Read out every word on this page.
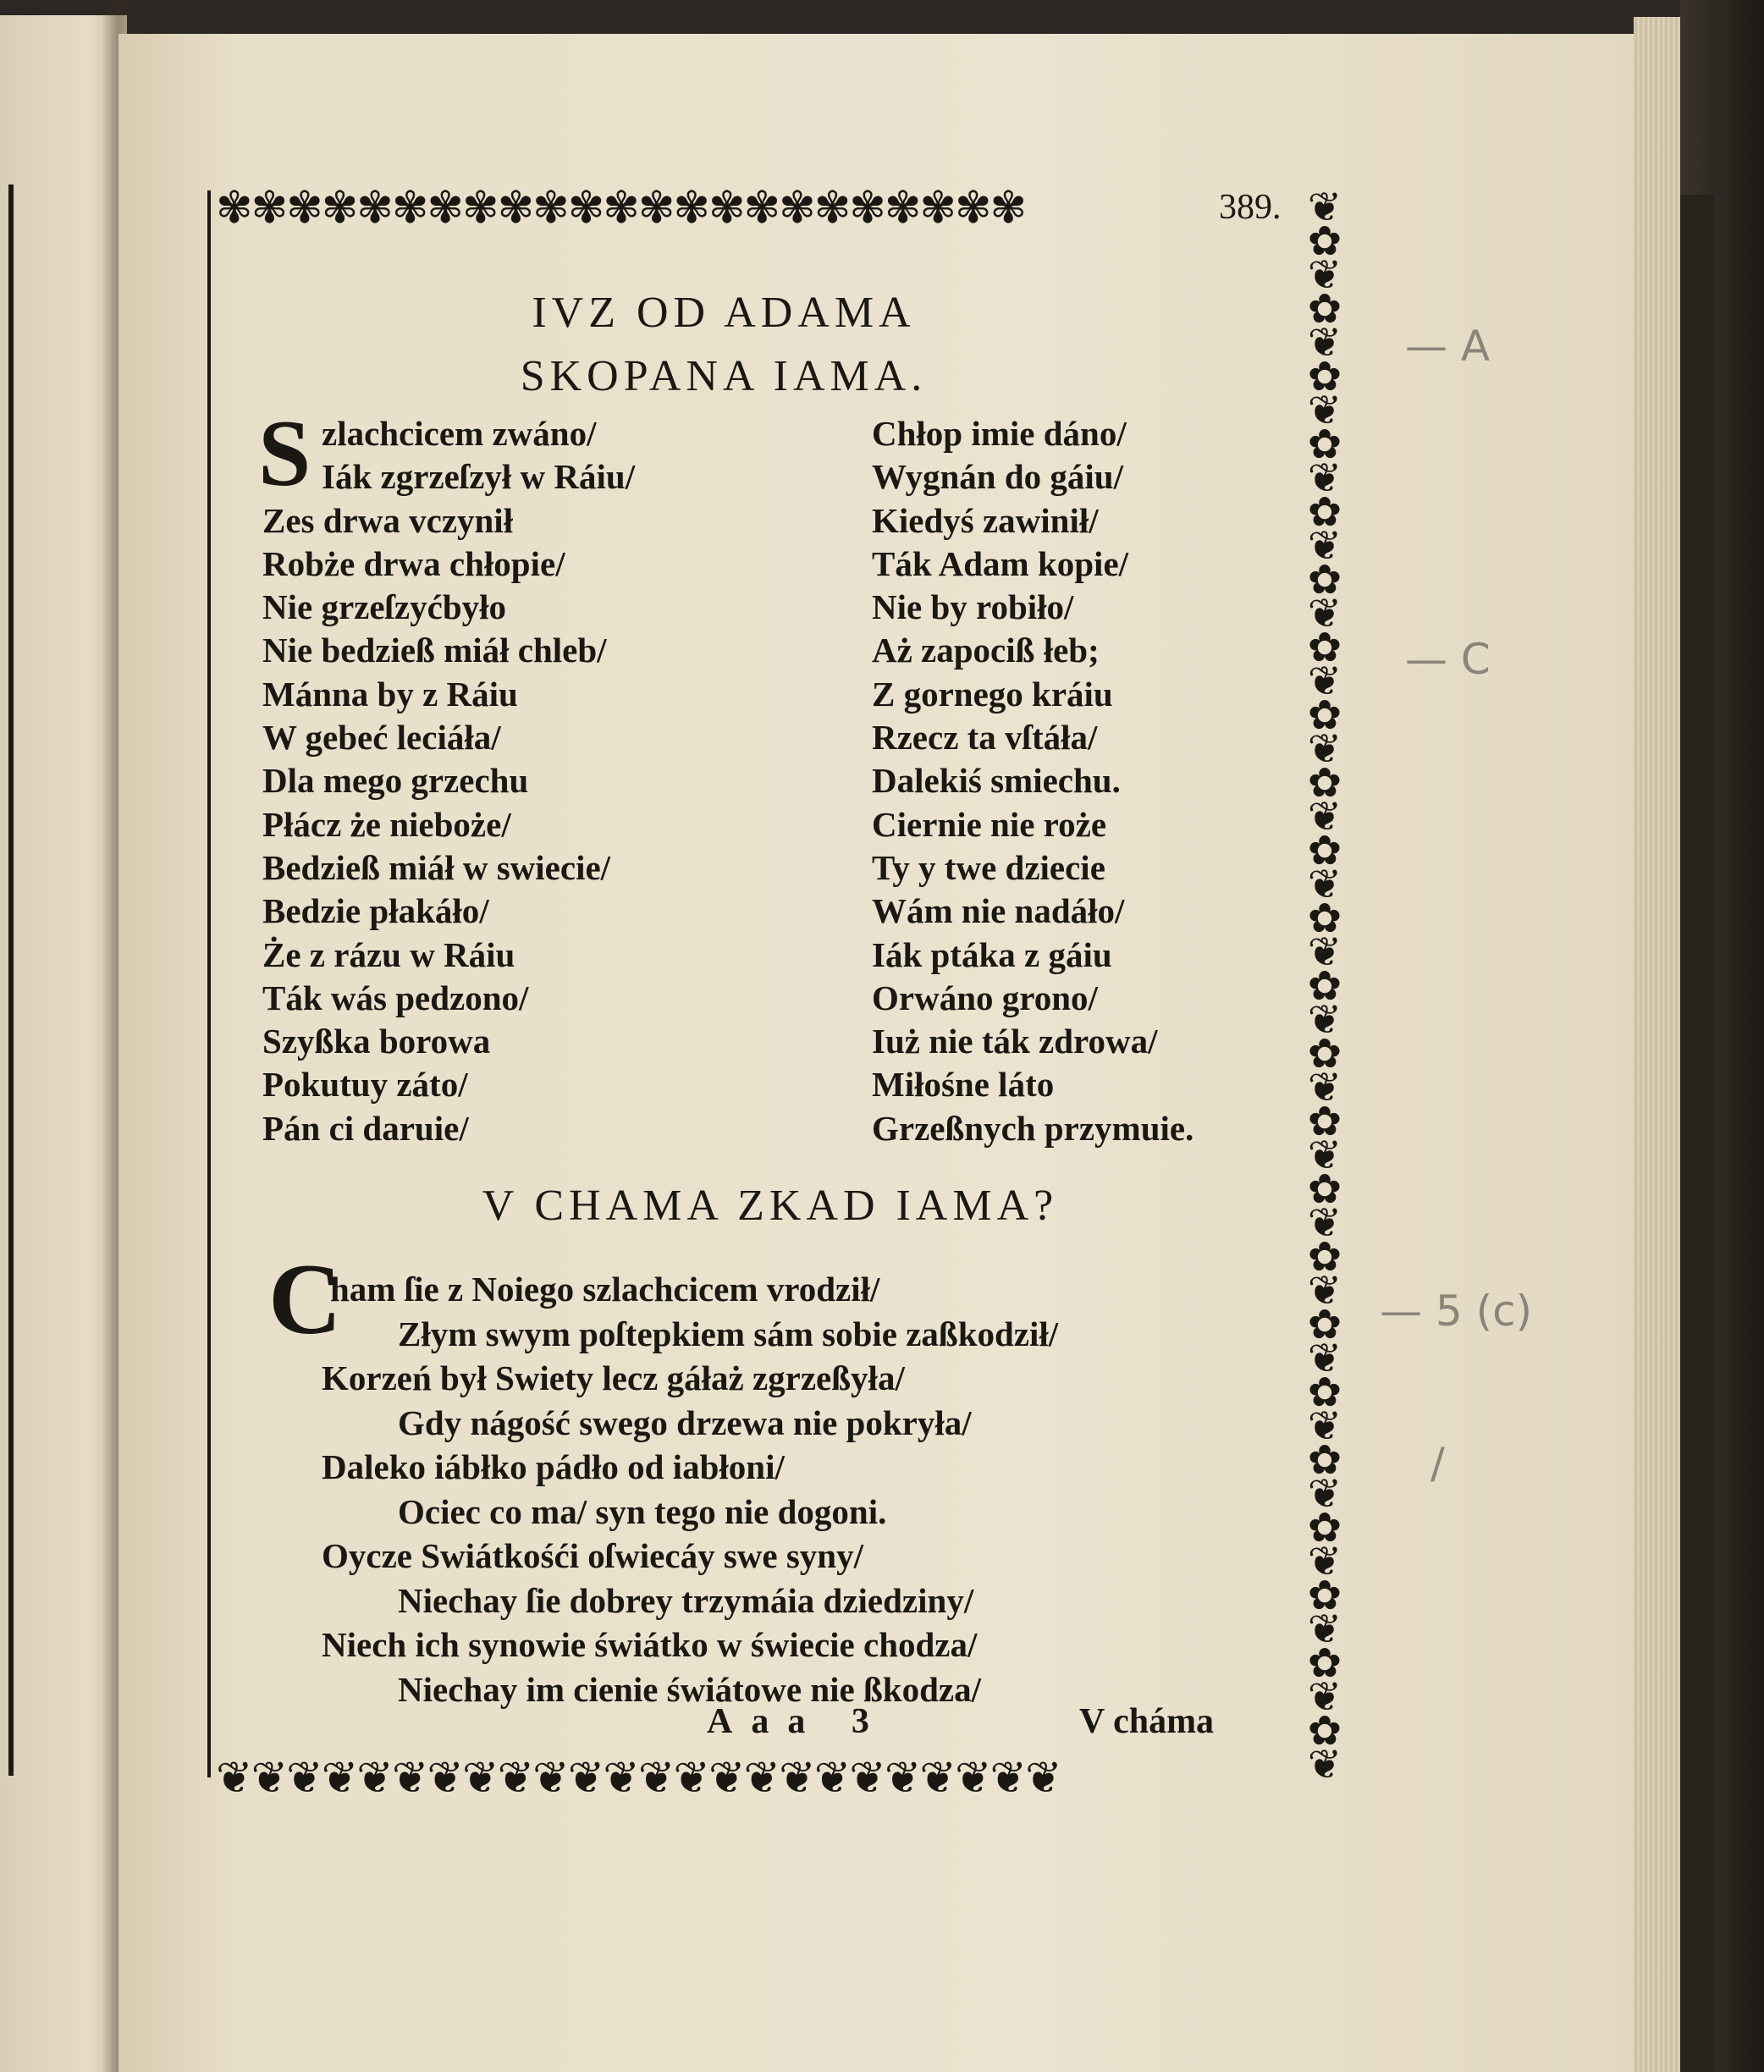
✾✾✾✾✾✾✾✾✾✾✾✾✾✾✾✾✾✾✾✾✾✾✾	389. ❦
✿
❦
✿
❦
✿
❦
✿
❦
✿
❦
✿
❦
✿
❦
✿
❦
✿
❦
✿
❦
✿
❦
✿
❦
✿
❦
✿
❦
✿
❦
✿
❦
✿
❦
✿
❦
✿
❦
✿
❦
✿
❦
✿
❦
✿
❦
IVZ OD ADAMA
SKOPANA IAMA.
S zlachcicem zwáno/
Iák zgrzeſzył w Ráiu/
Zes drwa vczynił
Robże drwa chłopie/
Nie grzeſzyćbyło
Nie bedzieß miáł chleb/
Mánna by z Ráiu
W gebeć leciáła/
Dla mego grzechu
Płácz że nieboże/
Bedzieß miáł w swiecie/
Bedzie płakáło/
Że z rázu w Ráiu
Ták wás pedzono/
Szyßka borowa
Pokutuy záto/
Pán ci daruie/
Chłop imie dáno/
Wygnán do gáiu/
Kiedyś zawinił/
Ták Adam kopie/
Nie by robiło/
Aż zapociß łeb;
Z gornego kráiu
Rzecz ta vſtáła/
Dalekiś smiechu.
Ciernie nie roże
Ty y twe dziecie
Wám nie nadáło/
Iák ptáka z gáiu
Orwáno grono/
Iuż nie ták zdrowa/
Miłośne láto
Grzeßnych przymuie.
V CHAMA ZKAD IAMA?
C
ham ſie z Noiego szlachcicem vrodził/
Złym swym poſtepkiem sám sobie zaßkodził/
Korzeń był Swiety lecz gáłaż zgrzeßyła/
Gdy nágość swego drzewa nie pokryła/
Daleko iábłko pádło od iabłoni/
Ociec co ma/ syn tego nie dogoni.
Oycze Swiátkośći oſwiecáy swe syny/
Niechay ſie dobrey trzymáia dziedziny/
Niech ich synowie świátko w świecie chodza/
Niechay im cienie świátowe nie ßkodza/
Aaa 3	V cháma
❦❦❦❦❦❦❦❦❦❦❦❦❦❦❦❦❦❦❦❦❦❦❦❦
— A
— C
— 5 (c)
/
